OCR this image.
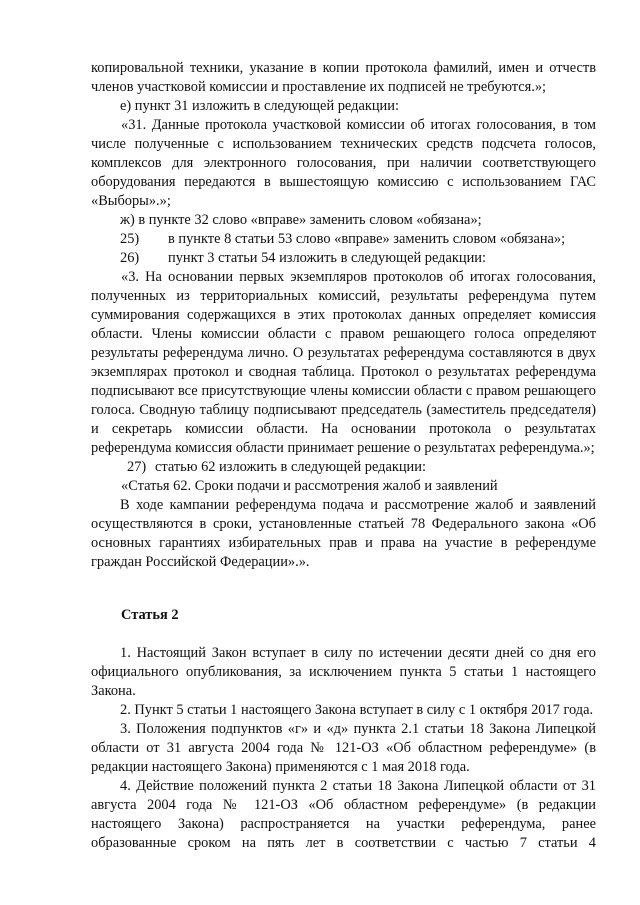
копировальной техники, указание в копии протокола фамилий, имен и отчеств членов участковой комиссии и проставление их подписей не требуются.»;

е) пункт 31 изложить в следующей редакции:

«31. Данные протокола участковой комиссии об итогах голосования, в том числе полученные с использованием технических средств подсчета голосов, комплексов для электронного голосования, при наличии соответствующего оборудования передаются в вышестоящую комиссию с использованием ГАС «Выборы».»;

ж) в пункте 32 слово «вправе» заменить словом «обязана»;

25) в пункте 8 статьи 53 слово «вправе» заменить словом «обязана»;

26) пункт 3 статьи 54 изложить в следующей редакции:

«3. На основании первых экземпляров протоколов об итогах голосования, полученных из территориальных комиссий, результаты референдума путем суммирования содержащихся в этих протоколах данных определяет комиссия области. Члены комиссии области с правом решающего голоса определяют результаты референдума лично. О результатах референдума составляются в двух экземплярах протокол и сводная таблица. Протокол о результатах референдума подписывают все присутствующие члены комиссии области с правом решающего голоса. Сводную таблицу подписывают председатель (заместитель председателя) и секретарь комиссии области. На основании протокола о результатах референдума комиссия области принимает решение о результатах референдума.»;

27) статью 62 изложить в следующей редакции:

«Статья 62. Сроки подачи и рассмотрения жалоб и заявлений

В ходе кампании референдума подача и рассмотрение жалоб и заявлений осуществляются в сроки, установленные статьей 78 Федерального закона «Об основных гарантиях избирательных прав и права на участие в референдуме граждан Российской Федерации».».

Статья 2

1. Настоящий Закон вступает в силу по истечении десяти дней со дня его официального опубликования, за исключением пункта 5 статьи 1 настоящего Закона.

2. Пункт 5 статьи 1 настоящего Закона вступает в силу с 1 октября 2017 года.

3. Положения подпунктов «г» и «д» пункта 2.1 статьи 18 Закона Липецкой области от 31 августа 2004 года № 121-ОЗ «Об областном референдуме» (в редакции настоящего Закона) применяются с 1 мая 2018 года.

4. Действие положений пункта 2 статьи 18 Закона Липецкой области от 31 августа 2004 года № 121-ОЗ «Об областном референдуме» (в редакции настоящего Закона) распространяется на участки референдума, ранее образованные сроком на пять лет в соответствии с частью 7 статьи 4
